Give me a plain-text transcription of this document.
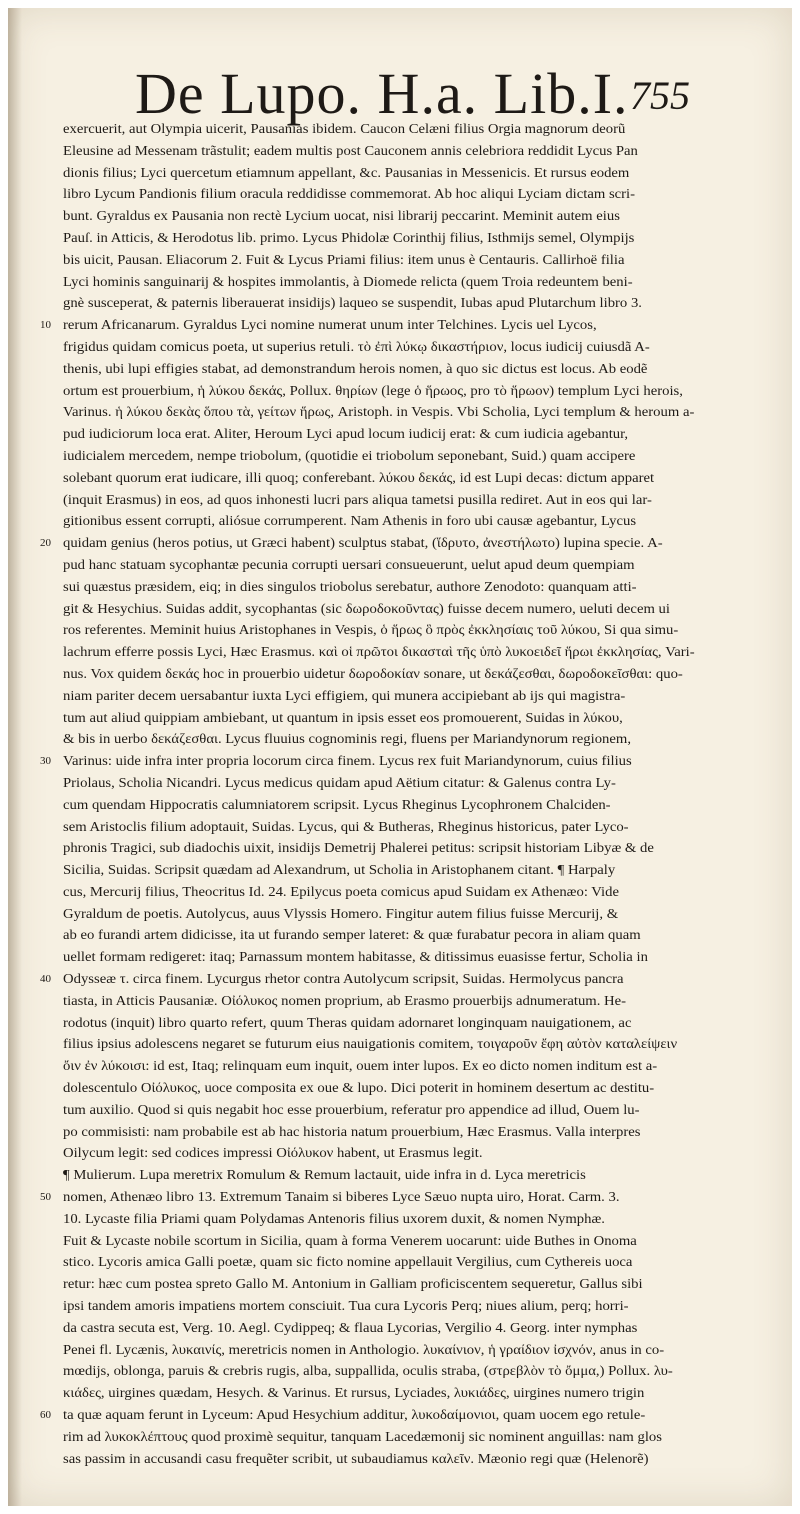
De Lupo. H.a. Lib.I. 755
exercuerit, aut Olympia uicerit, Pausanias ibidem. Caucon Celæni filius Orgia magnorum deorũ
Eleusine ad Messenam trãstulit; eadem multis post Cauconem annis celebriora reddidit Lycus Pan
dionis filius; Lyci quercetum etiamnum appellant, &c. Pausanias in Messenicis. Et rursus eodem
libro Lycum Pandionis filium oracula reddidisse commemorat. Ab hoc aliqui Lyciam dictam scri-
bunt. Gyraldus ex Pausania non rectè Lycium uocat, nisi librarij peccarint. Meminit autem eius
Pauſ. in Atticis, & Herodotus lib. primo. Lycus Phidolæ Corinthij filius, Isthmijs semel, Olympijs
bis uicit, Pausan. Eliacorum 2. Fuit & Lycus Priami filius: item unus è Centauris. Callirhoë filia
Lyci hominis sanguinarij & hospites immolantis, à Diomede relicta (quem Troia redeuntem beni-
gnè susceperat, & paternis liberauerat insidijs) laqueo se suspendit, Iubas apud Plutarchum libro 3.
10 rerum Africanarum. Gyraldus Lyci nomine numerat unum inter Telchines. Lycis uel Lycos,
frigidus quidam comicus poeta, ut superius retuli. τὸ ἐπὶ λύκῳ δικαστήριον, locus iudicij cuiusdã A-
thenis, ubi lupi effigies stabat, ad demonstrandum herois nomen, à quo sic dictus est locus. Ab eodẽ
ortum est prouerbium, ἡ λύκου δεκάς, Pollux. θηρίων (lege ὁ ἥρωος, pro τὸ ἥρωον) templum Lyci herois,
Varinus. ἡ λύκου δεκὰς ὅπου τὰ, γείτων ἥρως, Aristoph. in Vespis. Vbi Scholia, Lyci templum & heroum a-
pud iudiciorum loca erat. Aliter, Heroum Lyci apud locum iudicij erat: & cum iudicia agebantur,
iudicialem mercedem, nempe triobolum, (quotidie ei triobolum seponebant, Suid.) quam accipere
solebant quorum erat iudicare, illi quoq; conferebant. λύκου δεκάς, id est Lupi decas: dictum apparet
(inquit Erasmus) in eos, ad quos inhonesti lucri pars aliqua tametsi pusilla rediret. Aut in eos qui lar-
gitionibus essent corrupti, aliósue corrumperent. Nam Athenis in foro ubi causæ agebantur, Lycus
20 quidam genius (heros potius, ut Græci habent) sculptus stabat, (ἵδρυτο, ἀνεστήλωτο) lupina specie. A-
pud hanc statuam sycophantæ pecunia corrupti uersari consueuerunt, uelut apud deum quempiam
sui quæstus præsidem, eiq; in dies singulos triobolus serebatur, authore Zenodoto: quanquam atti-
git & Hesychius. Suidas addit, sycophantas (sic δωροδοκοῦντας) fuisse decem numero, ueluti decem ui
ros referentes. Meminit huius Aristophanes in Vespis, ὁ ἥρως ὃ πρὸς ἐκκλησίαις τοῦ λύκου, Si qua simu-
lachrum efferre possis Lyci, Hæc Erasmus. καὶ οἱ πρῶτοι δικασταὶ τῆς ὑπὸ λυκοειδεῖ ἥρωι ἐκκλησίας, Vari-
nus. Vox quidem δεκάς hoc in prouerbio uidetur δωροδοκίαν sonare, ut δεκάζεσθαι, δωροδοκεῖσθαι: quo-
niam pariter decem uersabantur iuxta Lyci effigiem, qui munera accipiebant ab ijs qui magistra-
tum aut aliud quippiam ambiebant, ut quantum in ipsis esset eos promouerent, Suidas in λύκου,
& bis in uerbo δεκάζεσθαι. Lycus fluuius cognominis regi, fluens per Mariandynorum regionem,
30 Varinus: uide infra inter propria locorum circa finem. Lycus rex fuit Mariandynorum, cuius filius
Priolaus, Scholia Nicandri. Lycus medicus quidam apud Aëtium citatur: & Galenus contra Ly-
cum quendam Hippocratis calumniatorem scripsit. Lycus Rheginus Lycophronem Chalciden-
sem Aristoclis filium adoptauit, Suidas. Lycus, qui & Butheras, Rheginus historicus, pater Lyco-
phronis Tragici, sub diadochis uixit, insidijs Demetrij Phalerei petitus: scripsit historiam Libyæ & de
Sicilia, Suidas. Scripsit quædam ad Alexandrum, ut Scholia in Aristophanem citant. ¶ Harpaly
cus, Mercurij filius, Theocritus Id. 24. Epilycus poeta comicus apud Suidam ex Athenæo: Vide
Gyraldum de poetis. Autolycus, auus Vlyssis Homero. Fingitur autem filius fuisse Mercurij, &
ab eo furandi artem didicisse, ita ut furando semper lateret: & quæ furabatur pecora in aliam quam
uellet formam redigeret: itaq; Parnassum montem habitasse, & ditissimus euasisse fertur, Scholia in
40 Odysseæ τ. circa finem. Lycurgus rhetor contra Autolycum scripsit, Suidas. Hermolycus pancra
tiasta, in Atticis Pausaniæ. Οἰόλυκος nomen proprium, ab Erasmo prouerbijs adnumeratum. He-
rodotus (inquit) libro quarto refert, quum Theras quidam adornaret longinquam nauigationem, ac
filius ipsius adolescens negaret se futurum eius nauigationis comitem, τοιγαροῦν ἔφη αὐτὸν καταλείψειν
ὄιν ἐν λύκοισι: id est, Itaq; relinquam eum inquit, ouem inter lupos. Ex eo dicto nomen inditum est a-
dolescentulo Οἰόλυκος, uoce composita ex oue & lupo. Dici poterit in hominem desertum ac destitu-
tum auxilio. Quod si quis negabit hoc esse prouerbium, referatur pro appendice ad illud, Ouem lu-
po commisisti: nam probabile est ab hac historia natum prouerbium, Hæc Erasmus. Valla interpres
Oilycum legit: sed codices impressi Οἰόλυκον habent, ut Erasmus legit.
¶ Mulierum. Lupa meretrix Romulum & Remum lactauit, uide infra in d. Lyca meretricis
50 nomen, Athenæo libro 13. Extremum Tanaim si biberes Lyce Sæuo nupta uiro, Horat. Carm. 3.
10. Lycaste filia Priami quam Polydamas Antenoris filius uxorem duxit, & nomen Nymphæ.
Fuit & Lycaste nobile scortum in Sicilia, quam à forma Venerem uocarunt: uide Buthes in Onoma
stico. Lycoris amica Galli poetæ, quam sic ficto nomine appellauit Vergilius, cum Cythereis uoca
retur: hæc cum postea spreto Gallo M. Antonium in Galliam proficiscentem sequeretur, Gallus sibi
ipsi tandem amoris impatiens mortem consciuit. Tua cura Lycoris Perq; niues alium, perq; horri-
da castra secuta est, Verg. 10. Aegl. Cydippeq; & flaua Lycorias, Vergilio 4. Georg. inter nymphas
Penei fl. Lycænis, λυκαινίς, meretricis nomen in Anthologio. λυκαίνιον, ἡ γραίδιον ἰσχνόν, anus in co-
mœdijs, oblonga, paruis & crebris rugis, alba, suppallida, oculis straba, (στρεβλὸν τὸ ὄμμα,) Pollux. λυ-
κιάδες, uirgines quædam, Hesych. & Varinus. Et rursus, Lyciades, λυκιάδες, uirgines numero trigin
60 ta quæ aquam ferunt in Lyceum: Apud Hesychium additur, λυκοδαίμονιοι, quam uocem ego retule-
rim ad λυκοκλέπτους quod proximè sequitur, tanquam Lacedæmonij sic nominent anguillas: nam glos
sas passim in accusandi casu frequẽter scribit, ut subaudiamus καλεῖν. Mæonio regi quæ (Helenorẽ)
